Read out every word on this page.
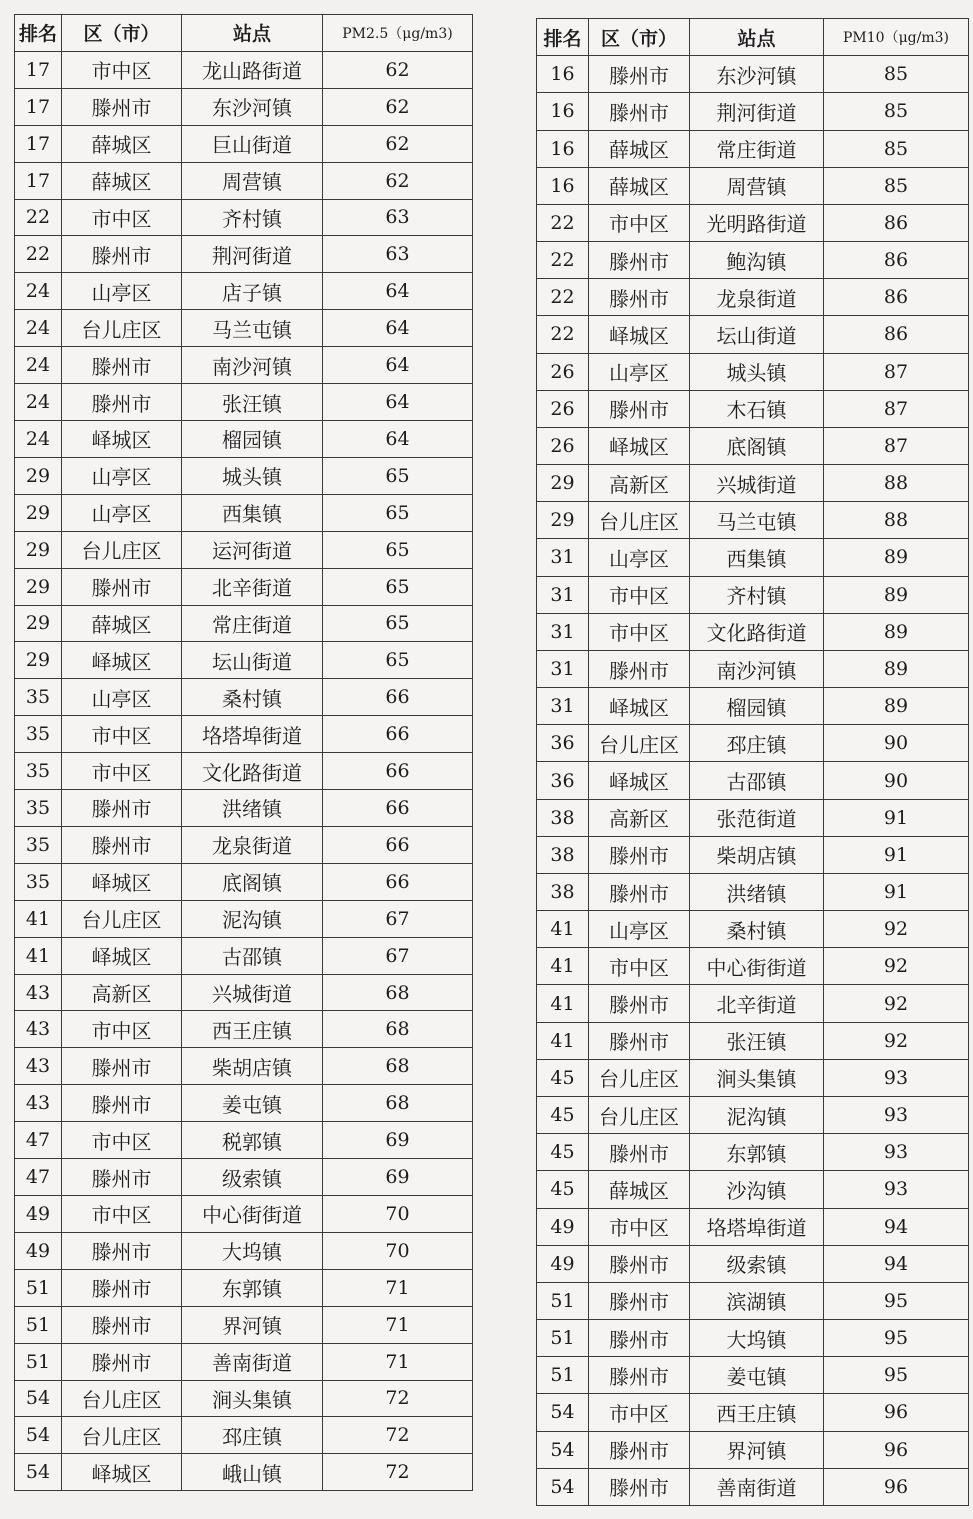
排名	区（市）	站点	PM2.5（μg/m3)
17	市中区	龙山路街道	62
17	滕州市	东沙河镇	62
17	薛城区	巨山街道	62
17	薛城区	周营镇	62
22	市中区	齐村镇	63
22	滕州市	荆河街道	63
24	山亭区	店子镇	64
24	台儿庄区	马兰屯镇	64
24	滕州市	南沙河镇	64
24	滕州市	张汪镇	64
24	峄城区	榴园镇	64
29	山亭区	城头镇	65
29	山亭区	西集镇	65
29	台儿庄区	运河街道	65
29	滕州市	北辛街道	65
29	薛城区	常庄街道	65
29	峄城区	坛山街道	65
35	山亭区	桑村镇	66
35	市中区	垎塔埠街道	66
35	市中区	文化路街道	66
35	滕州市	洪绪镇	66
35	滕州市	龙泉街道	66
35	峄城区	底阁镇	66
41	台儿庄区	泥沟镇	67
41	峄城区	古邵镇	67
43	高新区	兴城街道	68
43	市中区	西王庄镇	68
43	滕州市	柴胡店镇	68
43	滕州市	姜屯镇	68
47	市中区	税郭镇	69
47	滕州市	级索镇	69
49	市中区	中心街街道	70
49	滕州市	大坞镇	70
51	滕州市	东郭镇	71
51	滕州市	界河镇	71
51	滕州市	善南街道	71
54	台儿庄区	涧头集镇	72
54	台儿庄区	邳庄镇	72
54	峄城区	峨山镇	72
排名	区（市）	站点	PM10（μg/m3)
16	滕州市	东沙河镇	85
16	滕州市	荆河街道	85
16	薛城区	常庄街道	85
16	薛城区	周营镇	85
22	市中区	光明路街道	86
22	滕州市	鲍沟镇	86
22	滕州市	龙泉街道	86
22	峄城区	坛山街道	86
26	山亭区	城头镇	87
26	滕州市	木石镇	87
26	峄城区	底阁镇	87
29	高新区	兴城街道	88
29	台儿庄区	马兰屯镇	88
31	山亭区	西集镇	89
31	市中区	齐村镇	89
31	市中区	文化路街道	89
31	滕州市	南沙河镇	89
31	峄城区	榴园镇	89
36	台儿庄区	邳庄镇	90
36	峄城区	古邵镇	90
38	高新区	张范街道	91
38	滕州市	柴胡店镇	91
38	滕州市	洪绪镇	91
41	山亭区	桑村镇	92
41	市中区	中心街街道	92
41	滕州市	北辛街道	92
41	滕州市	张汪镇	92
45	台儿庄区	涧头集镇	93
45	台儿庄区	泥沟镇	93
45	滕州市	东郭镇	93
45	薛城区	沙沟镇	93
49	市中区	垎塔埠街道	94
49	滕州市	级索镇	94
51	滕州市	滨湖镇	95
51	滕州市	大坞镇	95
51	滕州市	姜屯镇	95
54	市中区	西王庄镇	96
54	滕州市	界河镇	96
54	滕州市	善南街道	96
